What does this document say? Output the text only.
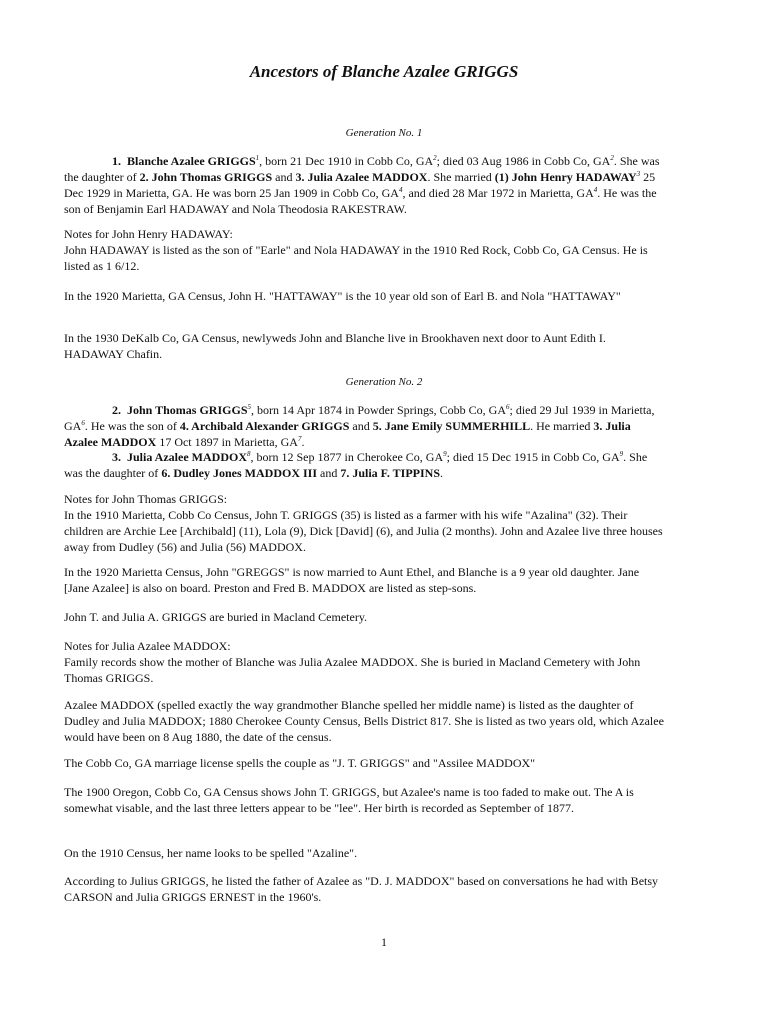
Ancestors of Blanche Azalee GRIGGS
Generation No. 1
1. Blanche Azalee GRIGGS$^1$, born 21 Dec 1910 in Cobb Co, $GA^2$; died 03 Aug 1986 in Cobb Co, $GA^2$. She was the daughter of 2. John Thomas GRIGGS and 3. Julia Azalee MADDOX. She married (1) John Henry HADAWAY$^3$ 25 Dec 1929 in Marietta, GA. He was born 25 Jan 1909 in Cobb Co, $GA^4$, and died 28 Mar 1972 in Marietta, $GA^4$. He was the son of Benjamin Earl HADAWAY and Nola Theodosia RAKESTRAW.
Notes for John Henry HADAWAY:
John HADAWAY is listed as the son of "Earle" and Nola HADAWAY in the 1910 Red Rock, Cobb Co, GA Census. He is listed as 1 6/12.
In the 1920 Marietta, GA Census, John H. "HATTAWAY" is the 10 year old son of Earl B. and Nola "HATTAWAY"
In the 1930 DeKalb Co, GA Census, newlyweds John and Blanche live in Brookhaven next door to Aunt Edith I. HADAWAY Chafin.
Generation No. 2
2. John Thomas GRIGGS$^5$, born 14 Apr 1874 in Powder Springs, Cobb Co, $GA^6$; died 29 Jul 1939 in Marietta, $GA^6$. He was the son of 4. Archibald Alexander GRIGGS and 5. Jane Emily SUMMERHILL. He married 3. Julia Azalee MADDOX 17 Oct 1897 in Marietta, $GA^7$.
3. Julia Azalee MADDOX$^8$, born 12 Sep 1877 in Cherokee Co, $GA^9$; died 15 Dec 1915 in Cobb Co, $GA^9$. She was the daughter of 6. Dudley Jones MADDOX III and 7. Julia F. TIPPINS.
Notes for John Thomas GRIGGS:
In the 1910 Marietta, Cobb Co Census, John T. GRIGGS (35) is listed as a farmer with his wife "Azalina" (32). Their children are Archie Lee [Archibald] (11), Lola (9), Dick [David] (6), and Julia (2 months). John and Azalee live three houses away from Dudley (56) and Julia (56) MADDOX.
In the 1920 Marietta Census, John "GREGGS" is now married to Aunt Ethel, and Blanche is a 9 year old daughter. Jane [Jane Azalee] is also on board. Preston and Fred B. MADDOX are listed as step-sons.
John T. and Julia A. GRIGGS are buried in Macland Cemetery.
Notes for Julia Azalee MADDOX:
Family records show the mother of Blanche was Julia Azalee MADDOX. She is buried in Macland Cemetery with John Thomas GRIGGS.
Azalee MADDOX (spelled exactly the way grandmother Blanche spelled her middle name) is listed as the daughter of Dudley and Julia MADDOX; 1880 Cherokee County Census, Bells District 817. She is listed as two years old, which Azalee would have been on 8 Aug 1880, the date of the census.
The Cobb Co, GA marriage license spells the couple as "J. T. GRIGGS" and "Assilee MADDOX"
The 1900 Oregon, Cobb Co, GA Census shows John T. GRIGGS, but Azalee's name is too faded to make out. The A is somewhat visable, and the last three letters appear to be "lee". Her birth is recorded as September of 1877.
On the 1910 Census, her name looks to be spelled "Azaline".
According to Julius GRIGGS, he listed the father of Azalee as "D. J. MADDOX" based on conversations he had with Betsy CARSON and Julia GRIGGS ERNEST in the 1960's.
1
